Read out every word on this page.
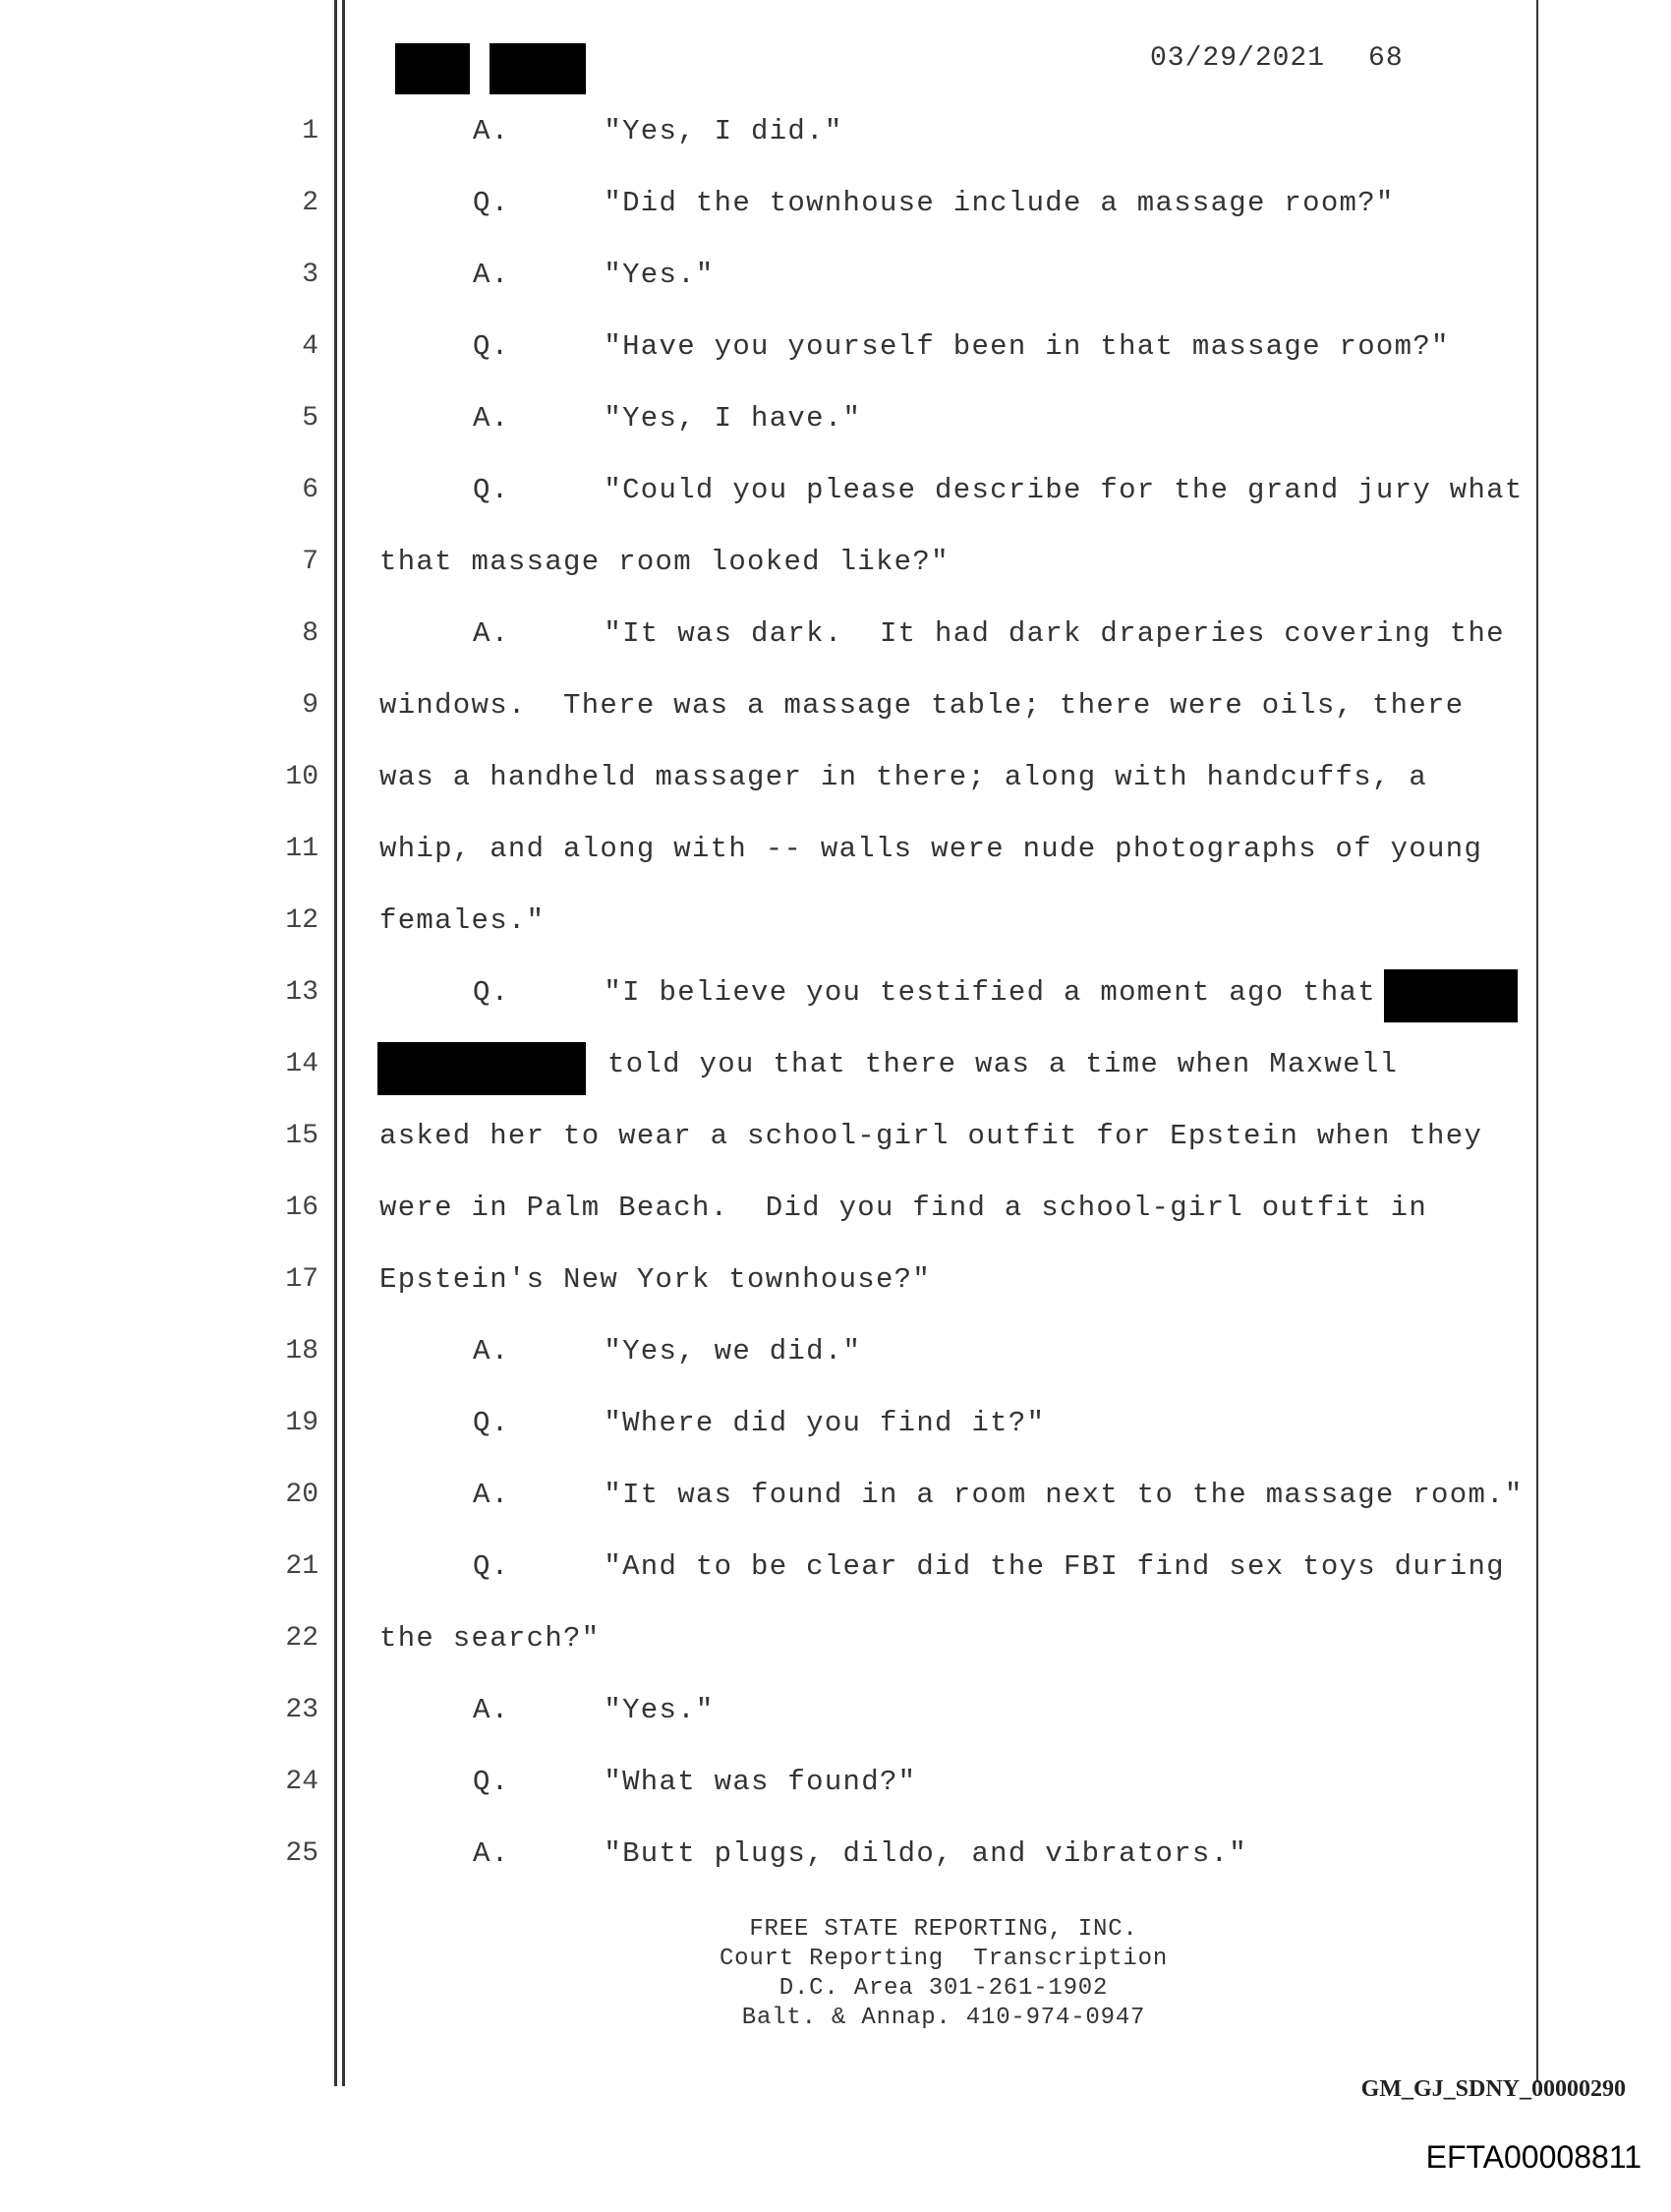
03/29/2021 68
1	A.	"Yes, I did."
2	Q.	"Did the townhouse include a massage room?"
3	A.	"Yes."
4	Q.	"Have you yourself been in that massage room?"
5	A.	"Yes, I have."
6	Q.	"Could you please describe for the grand jury what
7 that massage room looked like?"
8	A.	"It was dark.  It had dark draperies covering the
9 windows.  There was a massage table; there were oils, there
10 was a handheld massager in there; along with handcuffs, a
11 whip, and along with -- walls were nude photographs of young
12 females."
13	Q.	"I believe you testified a moment ago that
14	told you that there was a time when Maxwell
15 asked her to wear a school-girl outfit for Epstein when they
16 were in Palm Beach.  Did you find a school-girl outfit in
17 Epstein's New York townhouse?"
18	A.	"Yes, we did."
19	Q.	"Where did you find it?"
20	A.	"It was found in a room next to the massage room."
21	Q.	"And to be clear did the FBI find sex toys during
22 the search?"
23	A.	"Yes."
24	Q.	"What was found?"
25	A.	"Butt plugs, dildo, and vibrators."
FREE STATE REPORTING, INC.
Court Reporting  Transcription
D.C. Area 301-261-1902
Balt. & Annap. 410-974-0947
GM_GJ_SDNY_00000290
EFTA00008811
